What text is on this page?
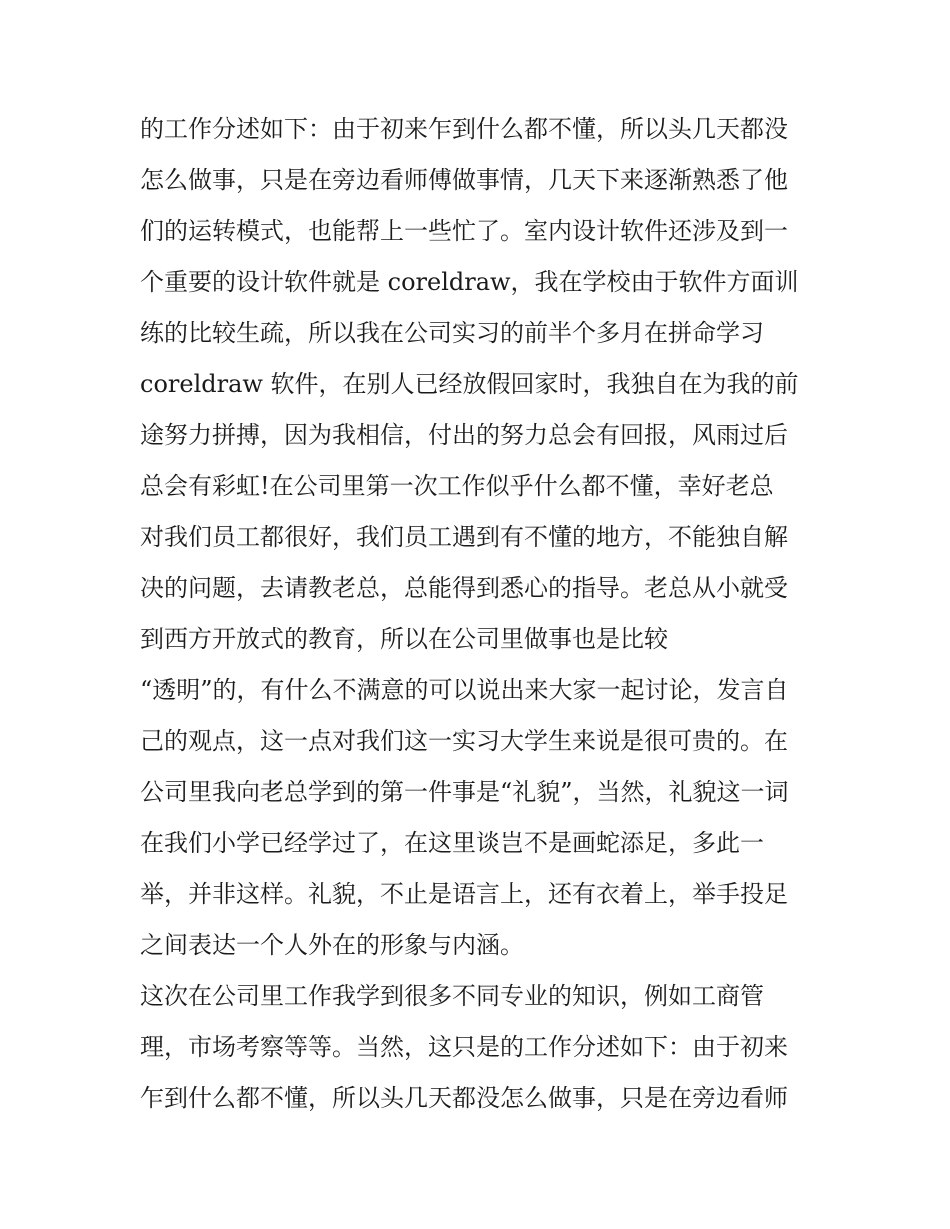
的工作分述如下：由于初来乍到什么都不懂，所以头几天都没
怎么做事，只是在旁边看师傅做事情，几天下来逐渐熟悉了他
们的运转模式，也能帮上一些忙了。室内设计软件还涉及到一
个重要的设计软件就是 coreldraw，我在学校由于软件方面训
练的比较生疏，所以我在公司实习的前半个多月在拼命学习
coreldraw 软件，在别人已经放假回家时，我独自在为我的前
途努力拼搏，因为我相信，付出的努力总会有回报，风雨过后
总会有彩虹!在公司里第一次工作似乎什么都不懂，幸好老总
对我们员工都很好，我们员工遇到有不懂的地方，不能独自解
决的问题，去请教老总，总能得到悉心的指导。老总从小就受
到西方开放式的教育，所以在公司里做事也是比较
“透明”的，有什么不满意的可以说出来大家一起讨论，发言自
己的观点，这一点对我们这一实习大学生来说是很可贵的。在
公司里我向老总学到的第一件事是“礼貌”，当然，礼貌这一词
在我们小学已经学过了，在这里谈岂不是画蛇添足，多此一
举，并非这样。礼貌，不止是语言上，还有衣着上，举手投足
之间表达一个人外在的形象与内涵。
这次在公司里工作我学到很多不同专业的知识，例如工商管
理，市场考察等等。当然，这只是的工作分述如下：由于初来
乍到什么都不懂，所以头几天都没怎么做事，只是在旁边看师
